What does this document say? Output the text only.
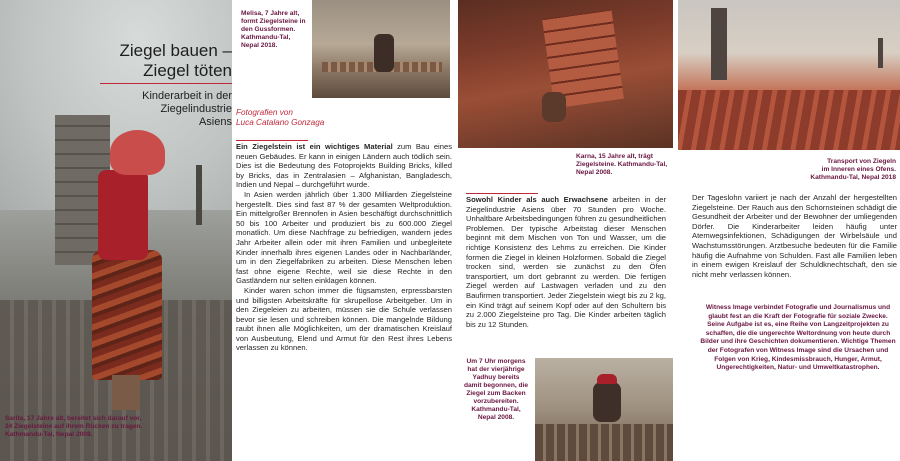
Ziegel bauen –
Ziegel töten
Kinderarbeit in der
Ziegelindustrie
Asiens
Sarita, 17 Jahre alt, bereitet sich darauf vor,
24 Ziegelsteine auf ihrem Rücken zu tragen.
Kathmandu-Tal, Nepal 2008.
Melisa, 7 Jahre alt,
formt Ziegelsteine in
den Gussformen.
Kathmandu-Tal,
Nepal 2018.
Fotografien von
Luca Catalano Gonzaga

Ein Ziegelstein ist ein wichtiges Material zum Bau eines neuen Gebäudes. Er kann in einigen Ländern auch tödlich sein. Dies ist die Bedeutung des Fotoprojekts Building Bricks, killed by Bricks, das in Zentralasien – Afghanistan, Bangladesch, Indien und Nepal – durchgeführt wurde.

In Asien werden jährlich über 1.300 Milliarden Ziegelsteine hergestellt. Dies sind fast 87 % der gesamten Weltproduktion. Ein mittelgroßer Brennofen in Asien beschäftigt durchschnittlich 50 bis 100 Arbeiter und produziert bis zu 600.000 Ziegel monatlich. Um diese Nachfrage zu befriedigen, wandern jedes Jahr Arbeiter allein oder mit ihren Familien und unbegleitete Kinder innerhalb ihres eigenen Landes oder in Nachbarländer, um in den Ziegelfabriken zu arbeiten. Diese Menschen leben fast ohne eigene Rechte, weil sie diese Rechte in den Gastländern nur selten einklagen können.

Kinder waren schon immer die fügsamsten, erpressbarsten und billigsten Arbeitskräfte für skrupellose Arbeitgeber. Um in den Ziegeleien zu arbeiten, müssen sie die Schule verlassen bevor sie lesen und schreiben können. Die mangelnde Bildung raubt ihnen alle Möglichkeiten, um der dramatischen Kreislauf von Ausbeutung, Elend und Armut für den Rest ihres Lebens verlassen zu können.

Karna, 15 Jahre alt, trägt
Ziegelsteine. Kathmandu-Tal,
Nepal 2008.

Sowohl Kinder als auch Erwachsene arbeiten in der Ziegelindustrie Asiens über 70 Stunden pro Woche. Unhaltbare Arbeitsbedingungen führen zu gesundheitlichen Problemen. Der typische Arbeitstag dieser Menschen beginnt mit dem Mischen von Ton und Wasser, um die richtige Konsistenz des Lehms zu erreichen. Die Kinder formen die Ziegel in kleinen Holzformen. Sobald die Ziegel trocken sind, werden sie zunächst zu den Öfen transportiert, um dort gebrannt zu werden. Die fertigen Ziegel werden auf Lastwagen verladen und zu den Baufirmen transportiert. Jeder Ziegelstein wiegt bis zu 2 kg, ein Kind trägt auf seinem Kopf oder auf den Schultern bis zu 2.000 Ziegelsteine pro Tag. Die Kinder arbeiten täglich bis zu 12 Stunden.

Um 7 Uhr morgens
hat der vierjährige
Yadhuy bereits
damit begonnen, die
Ziegel zum Backen
vorzubereiten.
Kathmandu-Tal,
Nepal 2008.
Transport von Ziegeln
im Inneren eines Ofens.
Kathmandu-Tal, Nepal 2018

Der Tageslohn variiert je nach der Anzahl der hergestellten Ziegelsteine. Der Rauch aus den Schornsteinen schädigt die Gesundheit der Arbeiter und der Bewohner der umliegenden Dörfer. Die Kinderarbeiter leiden häufig unter Atemwegsinfektionen, Schädigungen der Wirbelsäule und Wachstumsstörungen. Arztbesuche bedeuten für die Familie häufig die Aufnahme von Schulden. Fast alle Familien leben in einem ewigen Kreislauf der Schuldknechtschaft, den sie nicht mehr verlassen können.

Witness Image verbindet Fotografie und Journalismus und glaubt fest an die Kraft der Fotografie für soziale Zwecke. Seine Aufgabe ist es, eine Reihe von Langzeitprojekten zu schaffen, die die ungerechte Weltordnung von heute durch Bilder und ihre Geschichten dokumentieren. Wichtige Themen der Fotografen von Witness Image sind die Ursachen und Folgen von Krieg, Kindesmissbrauch, Hunger, Armut, Ungerechtigkeiten, Natur- und Umweltkatastrophen.
